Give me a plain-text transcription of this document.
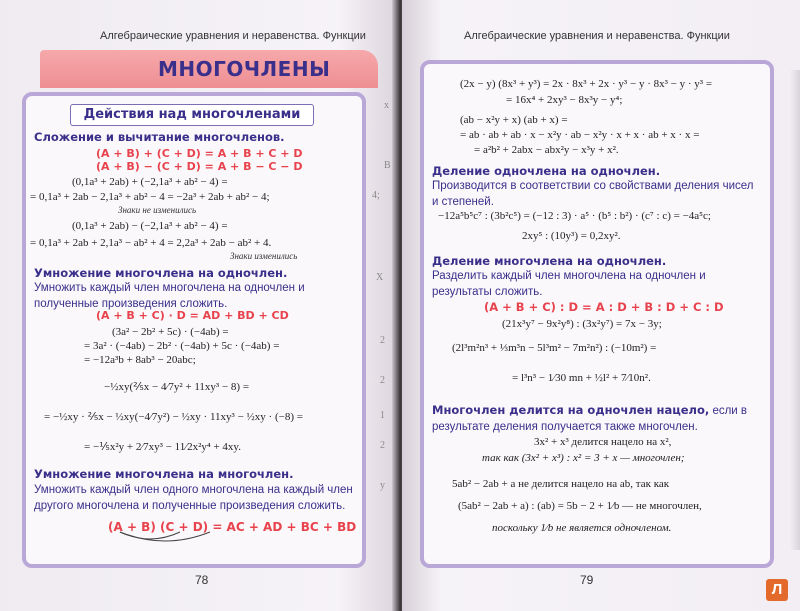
Алгебраические уравнения и неравенства. Функции
МНОГОЧЛЕНЫ
Действия над многочленами
Сложение и вычитание многочленов.
(A + B) + (C + D) = A + B + C + D
(A + B) − (C + D) = A + B − C − D
(0,1a³ + 2ab) + (−2,1a³ + ab² − 4) =
= 0,1a³ + 2ab − 2,1a³ + ab² − 4 = −2a³ + 2ab + ab² − 4;
Знаки не изменились
(0,1a³ + 2ab) − (−2,1a³ + ab² − 4) =
= 0,1a³ + 2ab + 2,1a³ − ab² + 4 = 2,2a³ + 2ab − ab² + 4.
Знаки изменились
Умножение многочлена на одночлен.
Умножить каждый член многочлена на одночлен и полученные произведения сложить.
(A + B + C) · D = AD + BD + CD
(3a² − 2b² + 5c) · (−4ab) =
= 3a² · (−4ab) − 2b² · (−4ab) + 5c · (−4ab) =
= −12a³b + 8ab³ − 20abc;
−½xy(⅖x − 4⁄7y² + 11xy³ − 8) =
= −½xy · ⅖x − ½xy(−4⁄7y²) − ½xy · 11xy³ − ½xy · (−8) =
= −⅕x²y + 2⁄7xy³ − 11⁄2x²y⁴ + 4xy.
Умножение многочлена на многочлен.
Умножить каждый член одного многочлена на каждый член другого многочлена и полученные произведения сложить.
(A + B) (C + D) = AC + AD + BC + BD
x
B
4;
X
2
2
1
2
y
78
Алгебраические уравнения и неравенства. Функции
(2x − y) (8x³ + y³) = 2x · 8x³ + 2x · y³ − y · 8x³ − y · y³ =
= 16x⁴ + 2xy³ − 8x³y − y⁴;
(ab − x²y + x) (ab + x) =
= ab · ab + ab · x − x²y · ab − x²y · x + x · ab + x · x =
= a²b² + 2abx − abx²y − x³y + x².
Деление одночлена на одночлен.
Производится в соответствии со свойствами деления чисел и степеней.
−12a⁵b⁵c⁷ : (3b²c⁵) = (−12 : 3) · a⁵ · (b⁵ : b²) · (c⁷ : c) = −4a⁵c;
2xy⁵ : (10y³) = 0,2xy².
Деление многочлена на одночлен.
Разделить каждый член многочлена на одночлен и результаты сложить.
(A + B + C) : D = A : D + B : D + C : D
(21x³y⁷ − 9x²y⁸) : (3x²y⁷) = 7x − 3y;
(2l³m²n³ + ⅓m³n − 5l³m² − 7m²n²) : (−10m²) =
= l³n³ − 1⁄30 mn + ½l² + 7⁄10n².
Многочлен делится на одночлен нацело, если в результате деления получается также многочлен.
3x² + x³ делится нацело на x²,
так как (3x² + x³) : x² = 3 + x — многочлен;
5ab² − 2ab + a не делится нацело на ab, так как
(5ab² − 2ab + a) : (ab) = 5b − 2 + 1⁄b — не многочлен,
поскольку 1⁄b не является одночленом.
79
Л
